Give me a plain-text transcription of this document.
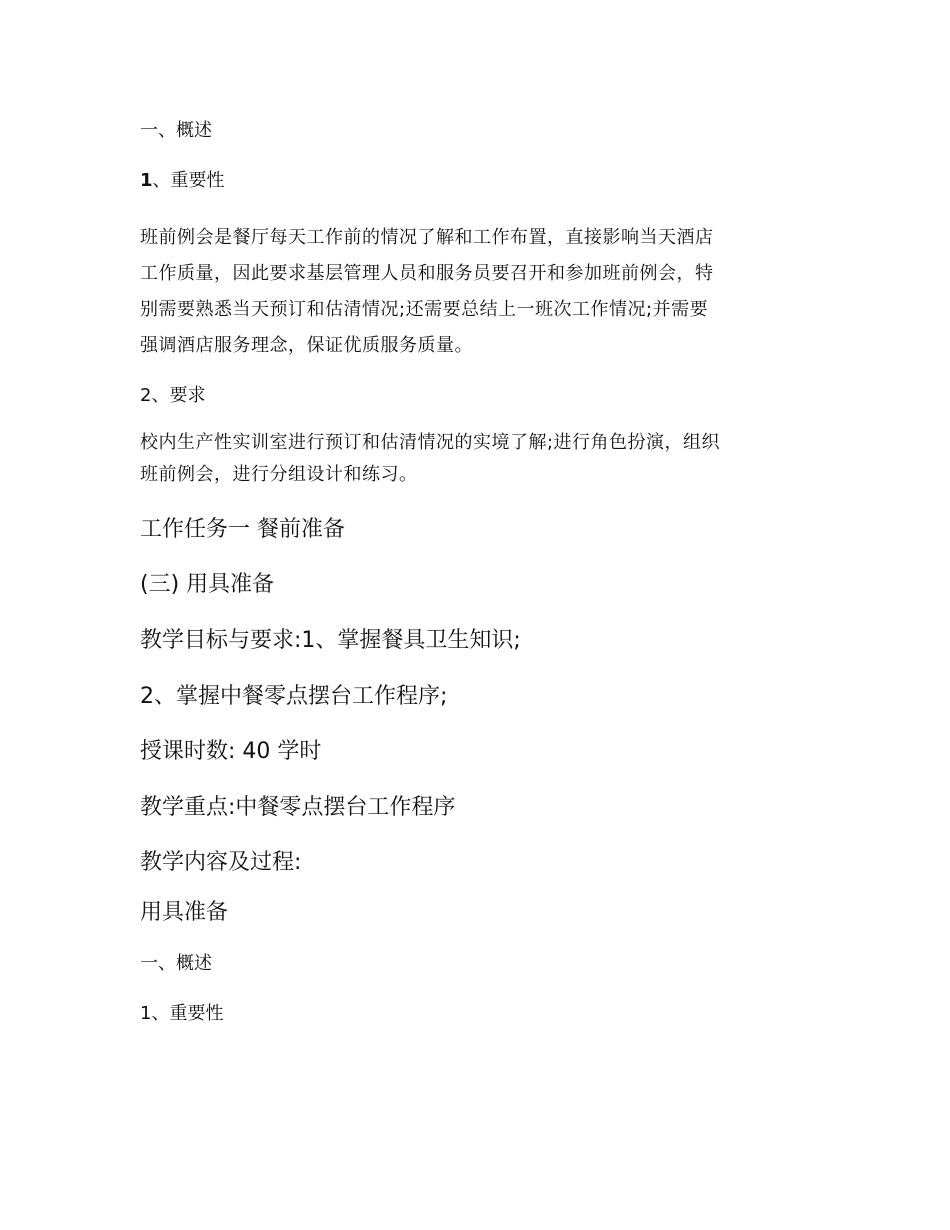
一、概述
1、重要性
班前例会是餐厅每天工作前的情况了解和工作布置，直接影响当天酒店
工作质量，因此要求基层管理人员和服务员要召开和参加班前例会，特
别需要熟悉当天预订和估清情况;还需要总结上一班次工作情况;并需要
强调酒店服务理念，保证优质服务质量。
2、要求
校内生产性实训室进行预订和估清情况的实境了解;进行角色扮演，组织
班前例会，进行分组设计和练习。
工作任务一 餐前准备
(三) 用具准备
教学目标与要求:1、掌握餐具卫生知识;
2、掌握中餐零点摆台工作程序;
授课时数: 40 学时
教学重点:中餐零点摆台工作程序
教学内容及过程:
用具准备
一、概述
1、重要性
